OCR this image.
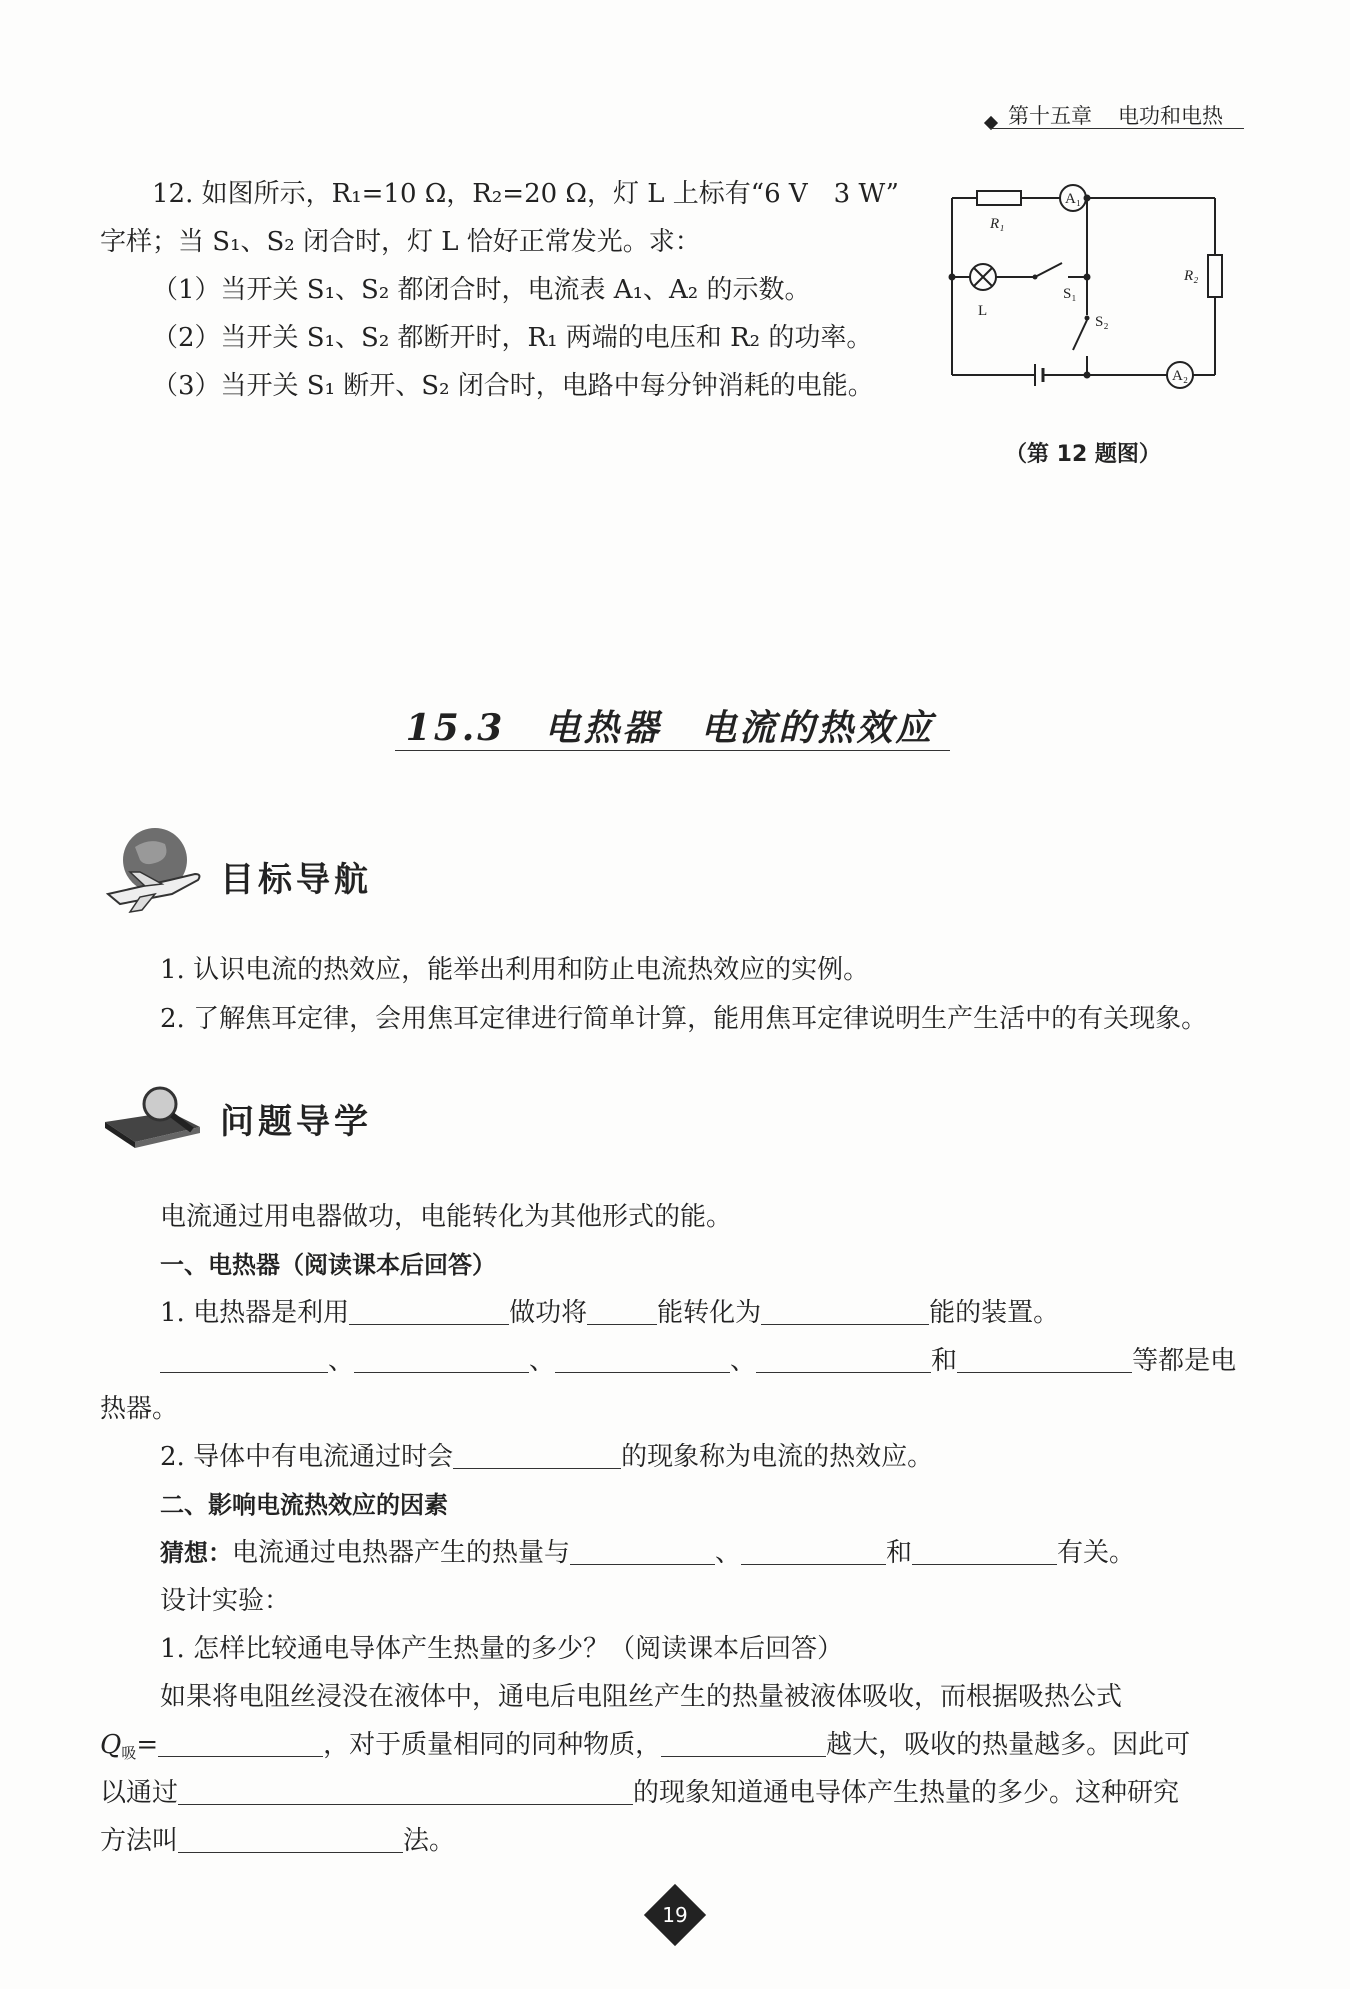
第十五章 电功和电热
12. 如图所示，R₁=10 Ω，R₂=20 Ω，灯 L 上标有“6 V　3 W”
字样；当 S₁、S₂ 闭合时，灯 L 恰好正常发光。求：
（1）当开关 S₁、S₂ 都闭合时，电流表 A₁、A₂ 的示数。
（2）当开关 S₁、S₂ 都断开时，R₁ 两端的电压和 R₂ 的功率。
（3）当开关 S₁ 断开、S₂ 闭合时，电路中每分钟消耗的电能。
R₁
A₁
R₂
L
S₁
S₂
A₂
（第 12 题图）
15.3　电热器　电流的热效应
目标导航
1. 认识电流的热效应，能举出利用和防止电流热效应的实例。
2. 了解焦耳定律，会用焦耳定律进行简单计算，能用焦耳定律说明生产生活中的有关现象。
问题导学
电流通过用电器做功，电能转化为其他形式的能。
一、电热器（阅读课本后回答）
1. 电热器是利用	做功将	能转化为	能的装置。
、	、	、	和	等都是电
热器。
2. 导体中有电流通过时会	的现象称为电流的热效应。
二、影响电流热效应的因素
猜想：电流通过电热器产生的热量与	、	和	有关。
设计实验：
1. 怎样比较通电导体产生热量的多少？（阅读课本后回答）
如果将电阻丝浸没在液体中，通电后电阻丝产生的热量被液体吸收，而根据吸热公式
$Q_吸=$	，对于质量相同的同种物质，	越大，吸收的热量越多。因此可
以通过	的现象知道通电导体产生热量的多少。这种研究
方法叫	法。
19
